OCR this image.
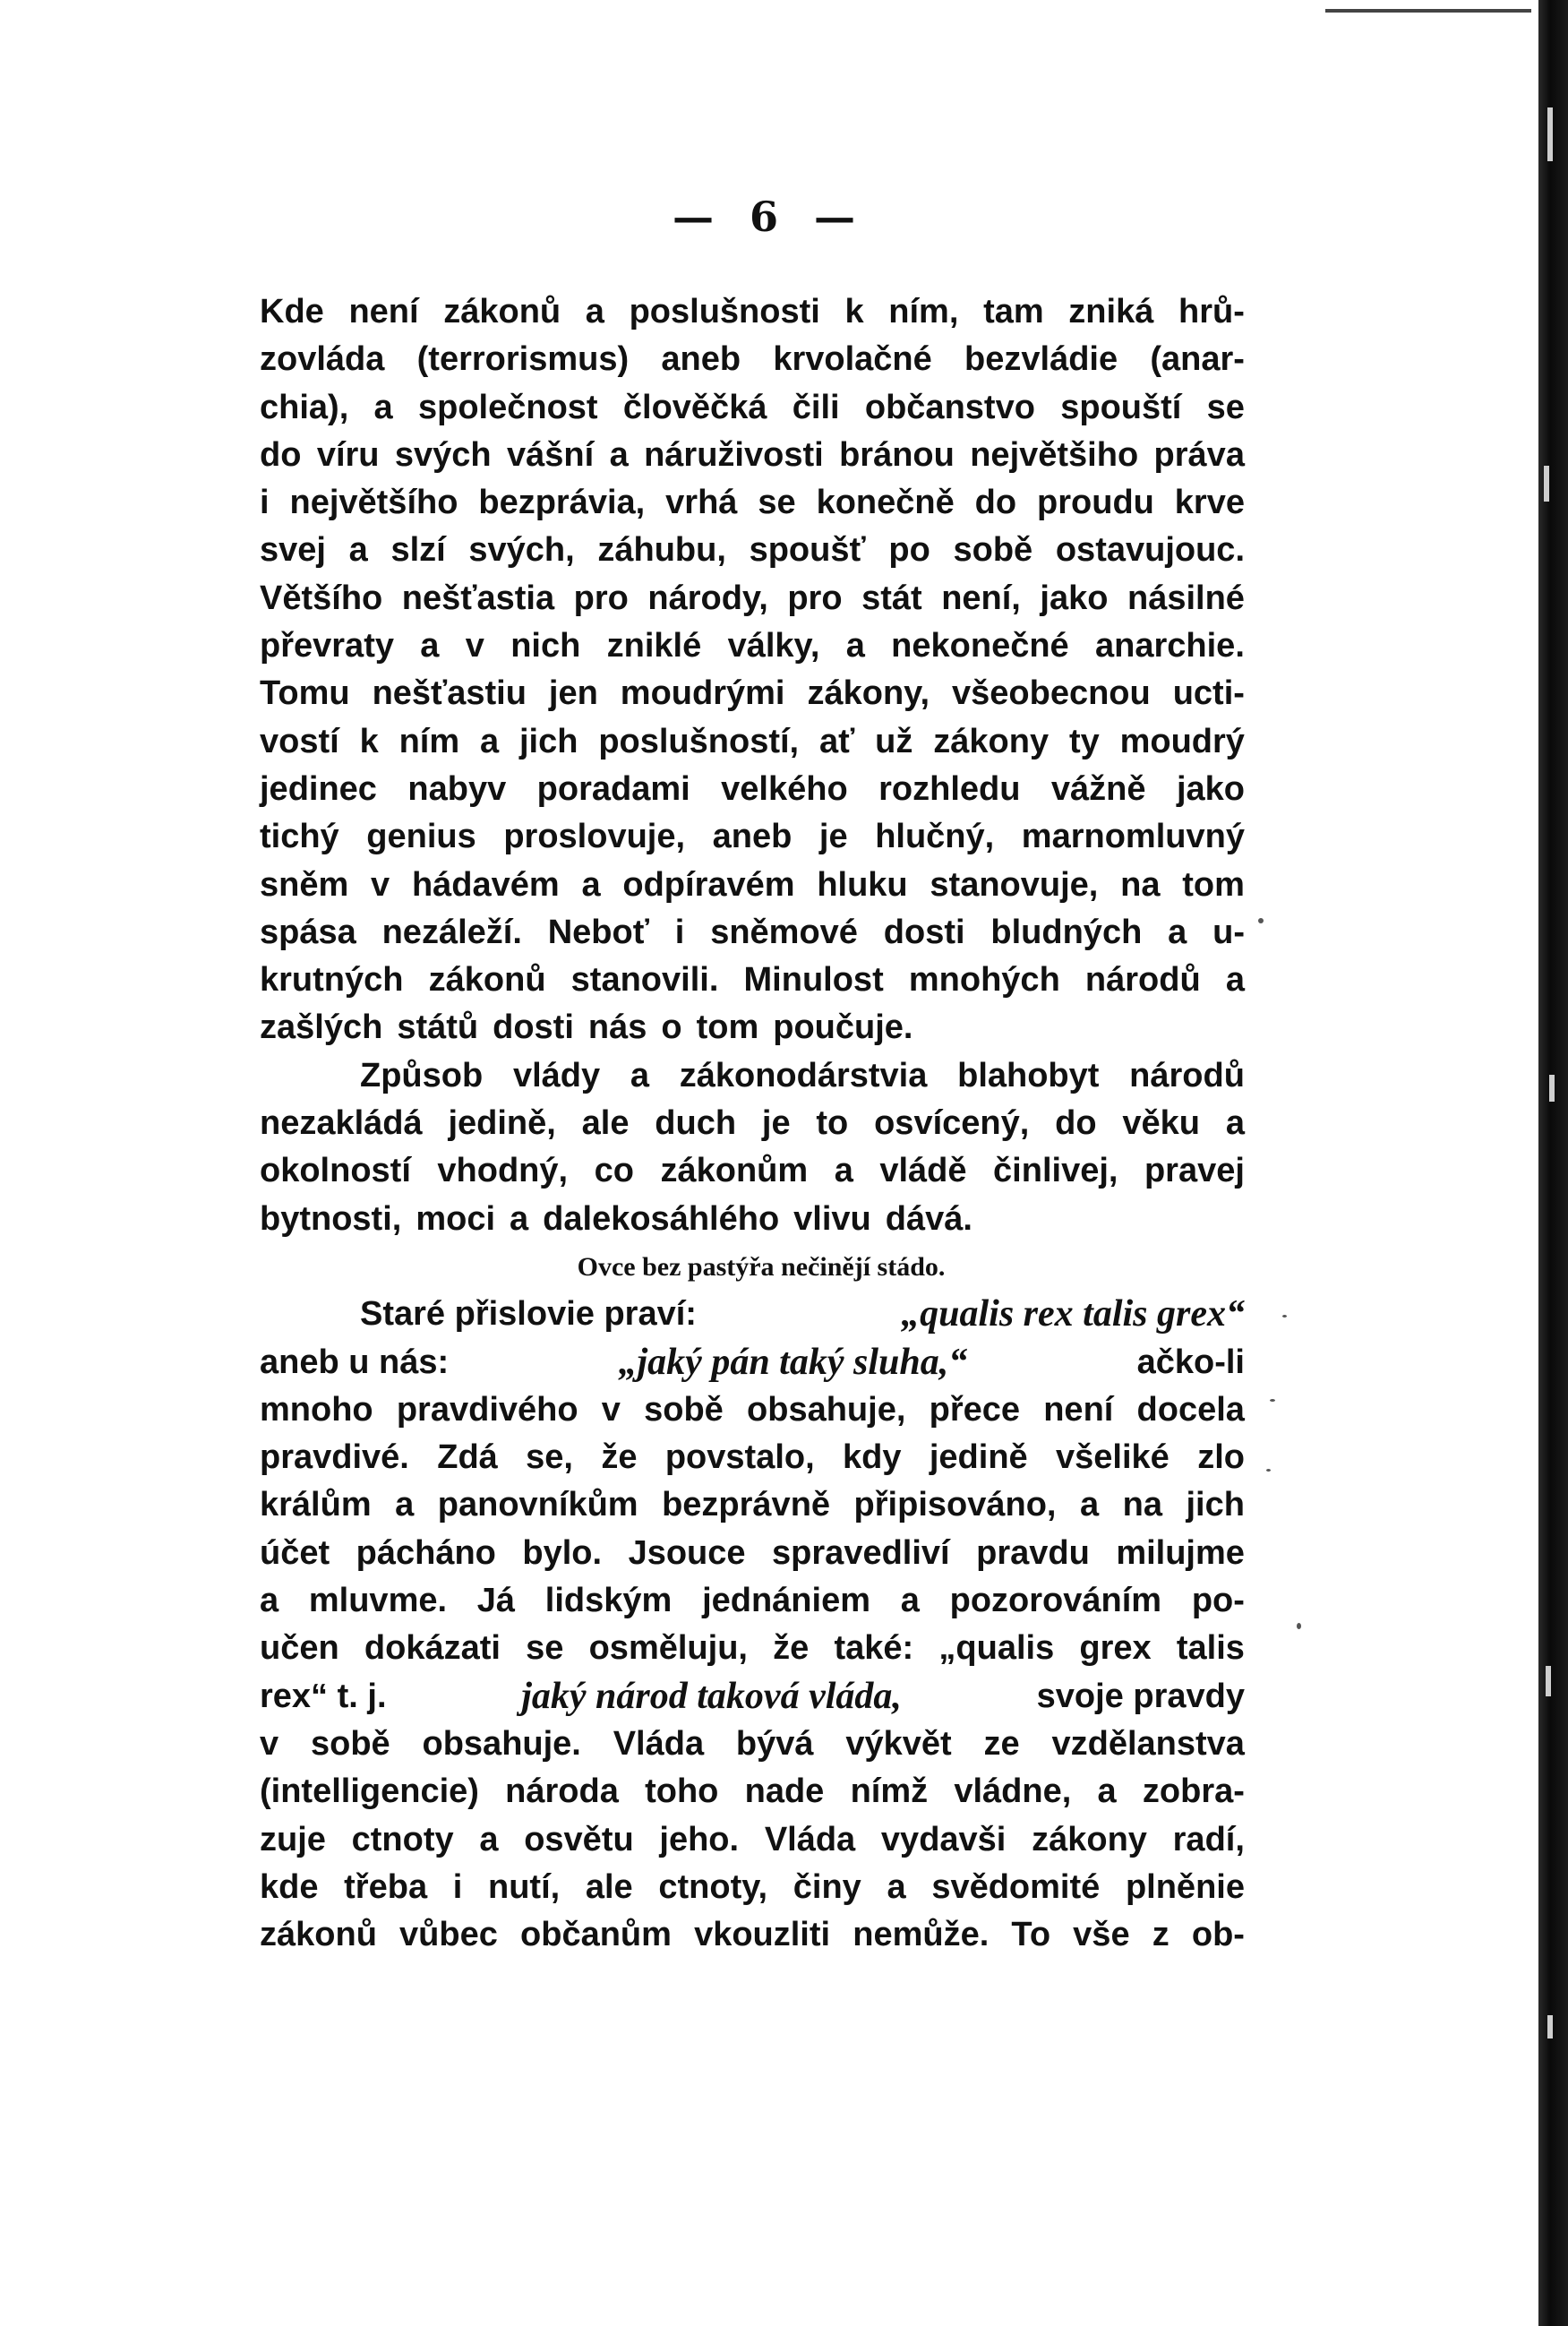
— 6 —
Kde není zákonů a poslušnosti k ním, tam zniká hrů-
zovláda (terrorismus) aneb krvolačné bezvládie (anar-
chia), a společnost člověčká čili občanstvo spouští se
do víru svých vášní a náruživosti bránou největšiho práva
i největšího bezprávia, vrhá se konečně do proudu krve
svej a slzí svých, záhubu, spoušť po sobě ostavujouc.
Většího nešťastia pro národy, pro stát není, jako násilné
převraty a v nich zniklé války, a nekonečné anarchie.
Tomu nešťastiu jen moudrými zákony, všeobecnou ucti-
vostí k ním a jich poslušností, ať už zákony ty moudrý
jedinec nabyv poradami velkého rozhledu vážně jako
tichý genius proslovuje, aneb je hlučný, marnomluvný
sněm v hádavém a odpíravém hluku stanovuje, na tom
spása nezáleží. Neboť i sněmové dosti bludných a u-
krutných zákonů stanovili. Minulost mnohých národů a
zašlých států dosti nás o tom poučuje.
Způsob vlády a zákonodárstvia blahobyt národů
nezakládá jedině, ale duch je to osvícený, do věku a
okolností vhodný, co zákonům a vládě činlivej, pravej
bytnosti, moci a dalekosáhlého vlivu dává.
Ovce bez pastýřa nečinějí stádo.
Staré přislovie praví:	„qualis rex talis grex“
aneb u nás:	„jaký pán taký sluha,“	ačko-li
mnoho pravdivého v sobě obsahuje, přece není docela
pravdivé. Zdá se, že povstalo, kdy jedině všeliké zlo
králům a panovníkům bezprávně připisováno, a na jich
účet pácháno bylo. Jsouce spravedliví pravdu milujme
a mluvme. Já lidským jednániem a pozorováním po-
učen dokázati se osměluju, že také: „qualis grex talis
rex“ t. j.	jaký národ taková vláda,	svoje pravdy
v sobě obsahuje. Vláda bývá výkvět ze vzdělanstva
(intelligencie) národa toho nade nímž vládne, a zobra-
zuje ctnoty a osvětu jeho. Vláda vydavši zákony radí,
kde třeba i nutí, ale ctnoty, činy a svědomité plněnie
zákonů vůbec občanům vkouzliti nemůže. To vše z ob-
